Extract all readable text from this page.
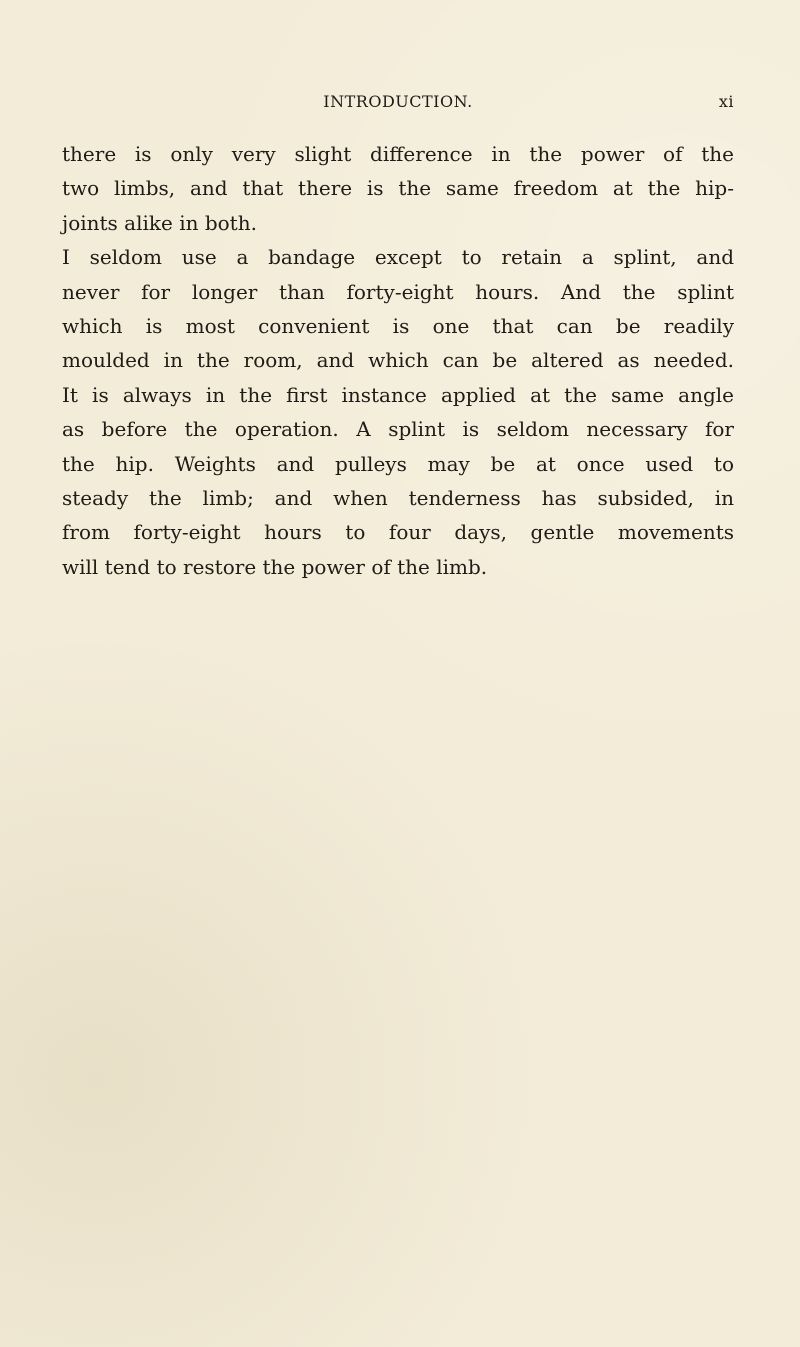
INTRODUCTION.	xi
there is only very slight difference in the power of the
two limbs, and that there is the same freedom at the hip-
joints alike in both.
I seldom use a bandage except to retain a splint, and
never for longer than forty-eight hours. And the splint
which is most convenient is one that can be readily
moulded in the room, and which can be altered as needed.
It is always in the first instance applied at the same angle
as before the operation. A splint is seldom necessary for
the hip. Weights and pulleys may be at once used to
steady the limb; and when tenderness has subsided, in
from forty-eight hours to four days, gentle movements
will tend to restore the power of the limb.
